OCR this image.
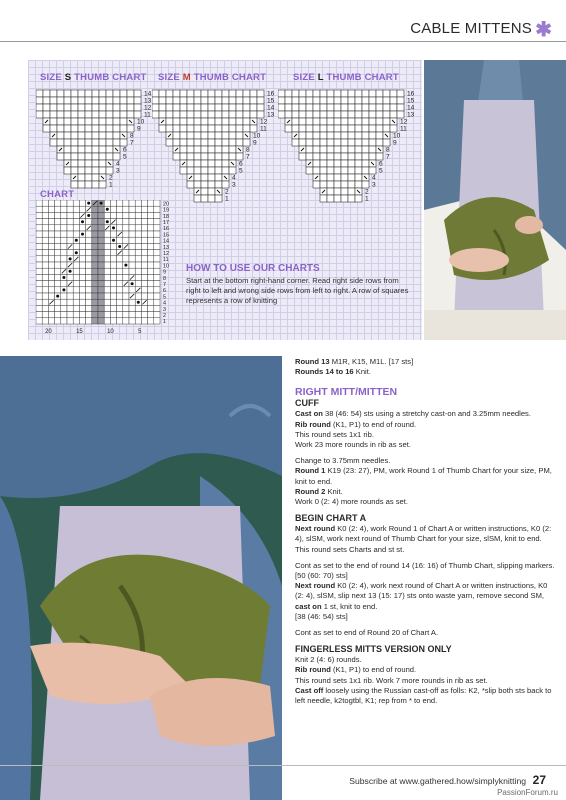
CABLE MITTENS ✱
SIZE S THUMB CHART SIZE M THUMB CHART	SIZE L THUMB CHART
CHART
14
13
12
11
10
9
8
7
6
5
4
3
2
1
16
15
14
13
12
11
10
9
8
7
6
5
4
3
2
1
16
15
14
13
12
11
10
9
8
7
6
5
4
3
2
1
20
19
18
17
16
15
14
13
12
11
10
9
8
7
6
5
4
3
2
1
20	15	10	5
HOW TO USE OUR CHARTS
Start at the bottom right-hand corner. Read right side rows from right to left and wrong side rows from left to right. A row of squares represents a row of knitting

Round 13 M1R, K15, M1L. [17 sts]

Rounds 14 to 16 Knit.

RIGHT MITT/MITTEN

CUFF

Cast on 38 (46: 54) sts using a stretchy cast-on and 3.25mm needles.

Rib round (K1, P1) to end of round.

This round sets 1x1 rib.

Work 23 more rounds in rib as set.

Change to 3.75mm needles.

Round 1 K19 (23: 27), PM, work Round 1 of Thumb Chart for your size, PM, knit to end.

Round 2 Knit.

Work 0 (2: 4) more rounds as set.

BEGIN CHART A

Next round K0 (2: 4), work Round 1 of Chart A or written instructions, K0 (2: 4), slSM, work next round of Thumb Chart for your size, slSM, knit to end.

This round sets Charts and st st.

Cont as set to the end of round 14 (16: 16) of Thumb Chart, slipping markers. [50 (60: 70) sts]

Next round K0 (2: 4), work next round of Chart A or written instructions, K0 (2: 4), slSM, slip next 13 (15: 17) sts onto waste yarn, remove second SM, cast on 1 st, knit to end.

[38 (46: 54) sts]

Cont as set to end of Round 20 of Chart A.

FINGERLESS MITTS VERSION ONLY

Knit 2 (4: 6) rounds.

Rib round (K1, P1) to end of round.

This round sets 1x1 rib. Work 7 more rounds in rib as set.

Cast off loosely using the Russian cast-off as folls: K2, *slip both sts back to left needle, k2togtbl, K1; rep from * to end.

Subscribe at www.gathered.how/simplyknitting 27
PassionForum.ru
